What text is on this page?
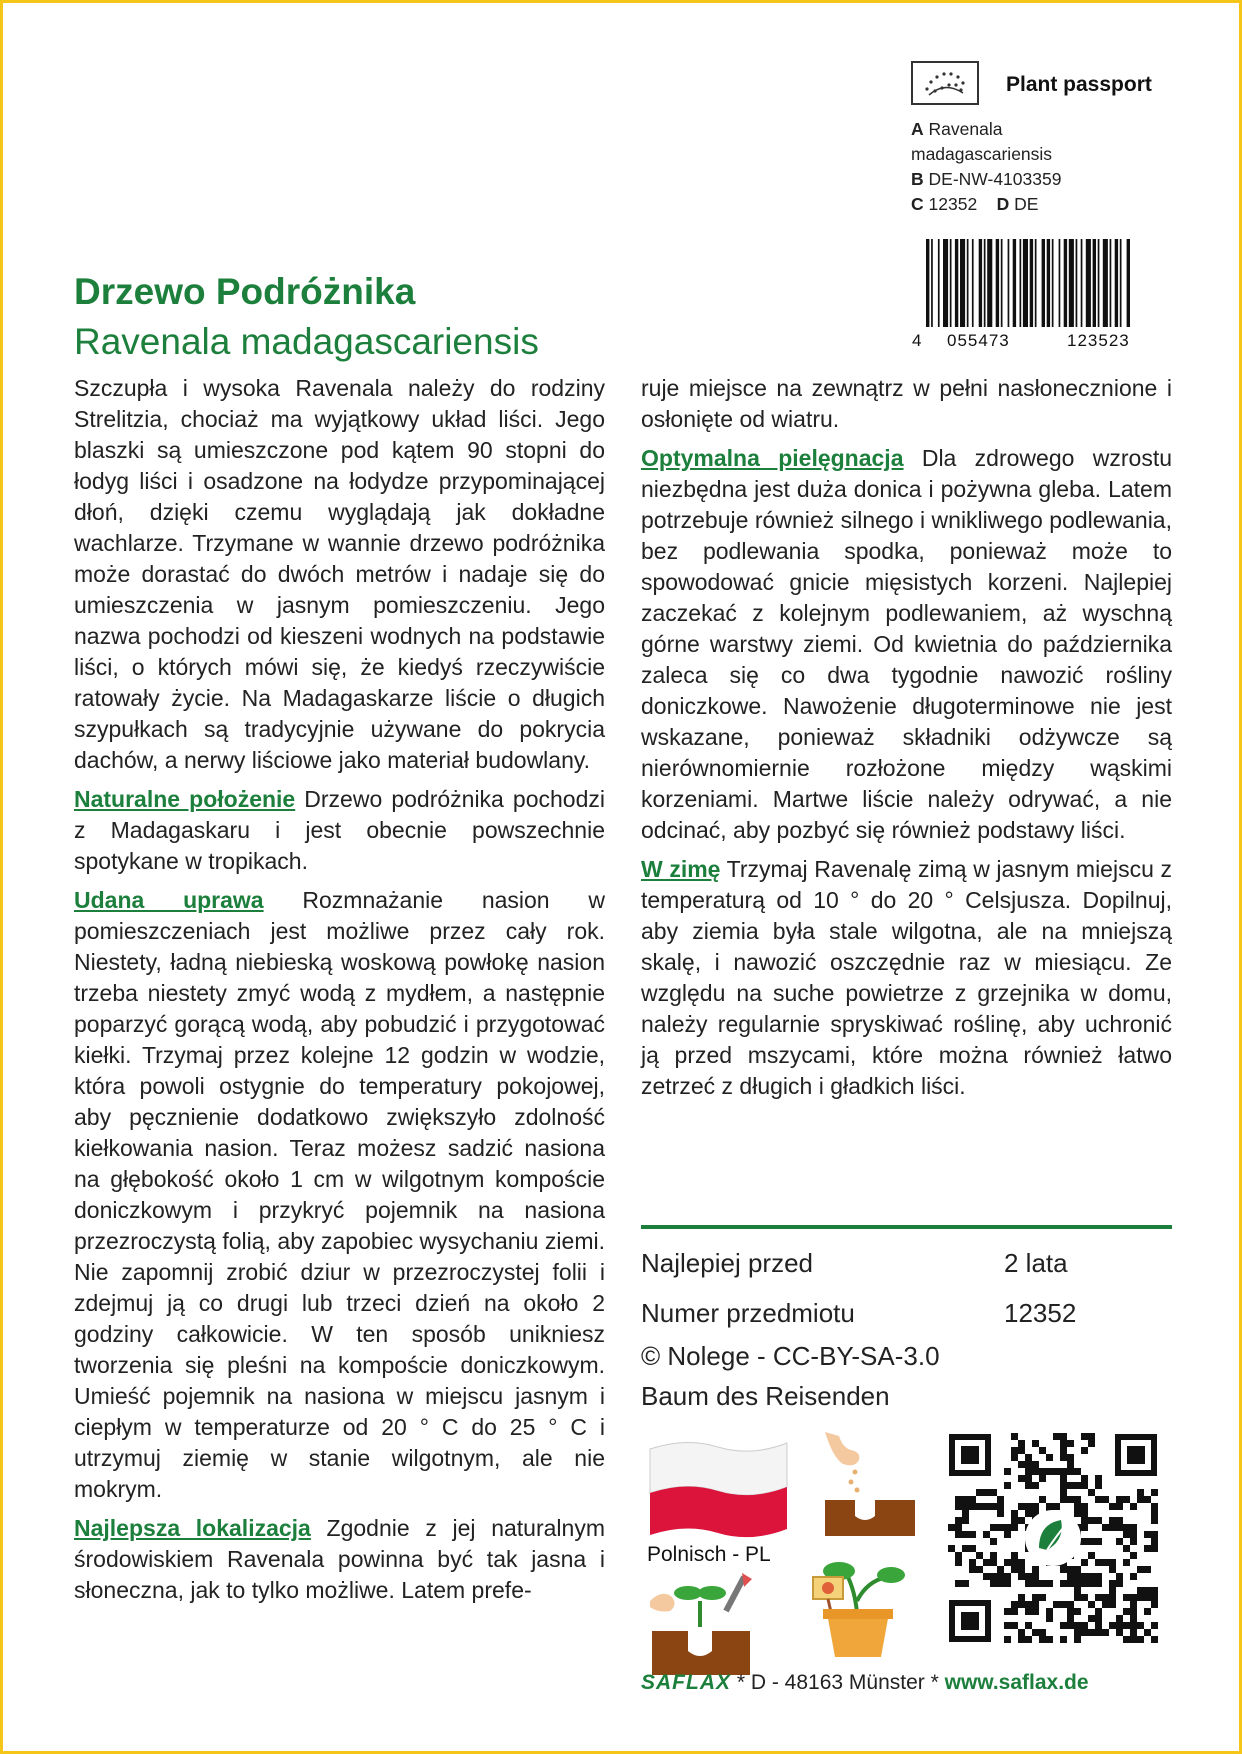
Plant passport
A Ravenala madagascariensis
B DE-NW-4103359
C 12352 D DE
4 055473	123523
Drzewo Podróżnika
Ravenala madagascariensis

Szczupła i wysoka Ravenala należy do rodziny Strelitzia, chociaż ma wyjątkowy układ liści. Jego blaszki są umieszczone pod kątem 90 stopni do łodyg liści i osadzone na łodydze przypominającej dłoń, dzięki czemu wyglądają jak dokładne wachlarze. Trzymane w wannie drzewo podróżnika może dorastać do dwóch metrów i nadaje się do umieszczenia w jasnym pomieszczeniu. Jego nazwa pochodzi od kieszeni wodnych na podstawie liści, o których mówi się, że kiedyś rzeczywiście ratowały życie. Na Madagaskarze liście o długich szypułkach są tradycyjnie używane do pokrycia dachów, a nerwy liściowe jako materiał budowlany.

Naturalne położenie Drzewo podróżnika pochodzi z Madagaskaru i jest obecnie powszechnie spotykane w tropikach.

Udana uprawa Rozmnażanie nasion w pomieszczeniach jest możliwe przez cały rok. Niestety, ładną niebieską woskową powłokę nasion trzeba niestety zmyć wodą z mydłem, a następnie poparzyć gorącą wodą, aby pobudzić i przygotować kiełki. Trzymaj przez kolejne 12 godzin w wodzie, która powoli ostygnie do temperatury pokojowej, aby pęcznienie dodatkowo zwiększyło zdolność kiełkowania nasion. Teraz możesz sadzić nasiona na głębokość około 1 cm w wilgotnym kompoście doniczkowym i przykryć pojemnik na nasiona przezroczystą folią, aby zapobiec wysychaniu ziemi. Nie zapomnij zrobić dziur w przezroczystej folii i zdejmuj ją co drugi lub trzeci dzień na około 2 godziny całkowicie. W ten sposób unikniesz tworzenia się pleśni na kompoście doniczkowym. Umieść pojemnik na nasiona w miejscu jasnym i ciepłym w temperaturze od 20 ° C do 25 ° C i utrzymuj ziemię w stanie wilgotnym, ale nie mokrym.

Najlepsza lokalizacja Zgodnie z jej naturalnym środowiskiem Ravenala powinna być tak jasna i słoneczna, jak to tylko możliwe. Latem prefe-

ruje miejsce na zewnątrz w pełni nasłonecznione i osłonięte od wiatru.

Optymalna pielęgnacja Dla zdrowego wzrostu niezbędna jest duża donica i pożywna gleba. Latem potrzebuje również silnego i wnikliwego podlewania, bez podlewania spodka, ponieważ może to spowodować gnicie mięsistych korzeni. Najlepiej zaczekać z kolejnym podlewaniem, aż wyschną górne warstwy ziemi. Od kwietnia do października zaleca się co dwa tygodnie nawozić rośliny doniczkowe. Nawożenie długoterminowe nie jest wskazane, ponieważ składniki odżywcze są nierównomiernie rozłożone między wąskimi korzeniami. Martwe liście należy odrywać, a nie odcinać, aby pozbyć się również podstawy liści.

W zimę Trzymaj Ravenalę zimą w jasnym miejscu z temperaturą od 10 ° do 20 ° Celsjusza. Dopilnuj, aby ziemia była stale wilgotna, ale na mniejszą skalę, i nawozić oszczędnie raz w miesiącu. Ze względu na suche powietrze z grzejnika w domu, należy regularnie spryskiwać roślinę, aby uchronić ją przed mszycami, które można również łatwo zetrzeć z długich i gładkich liści.

Najlepiej przed	2 lata
Numer przedmiotu	12352
© Nolege - CC-BY-SA-3.0
Baum des Reisenden
Polnisch - PL
SAFLAX * D - 48163 Münster * www.saflax.de
